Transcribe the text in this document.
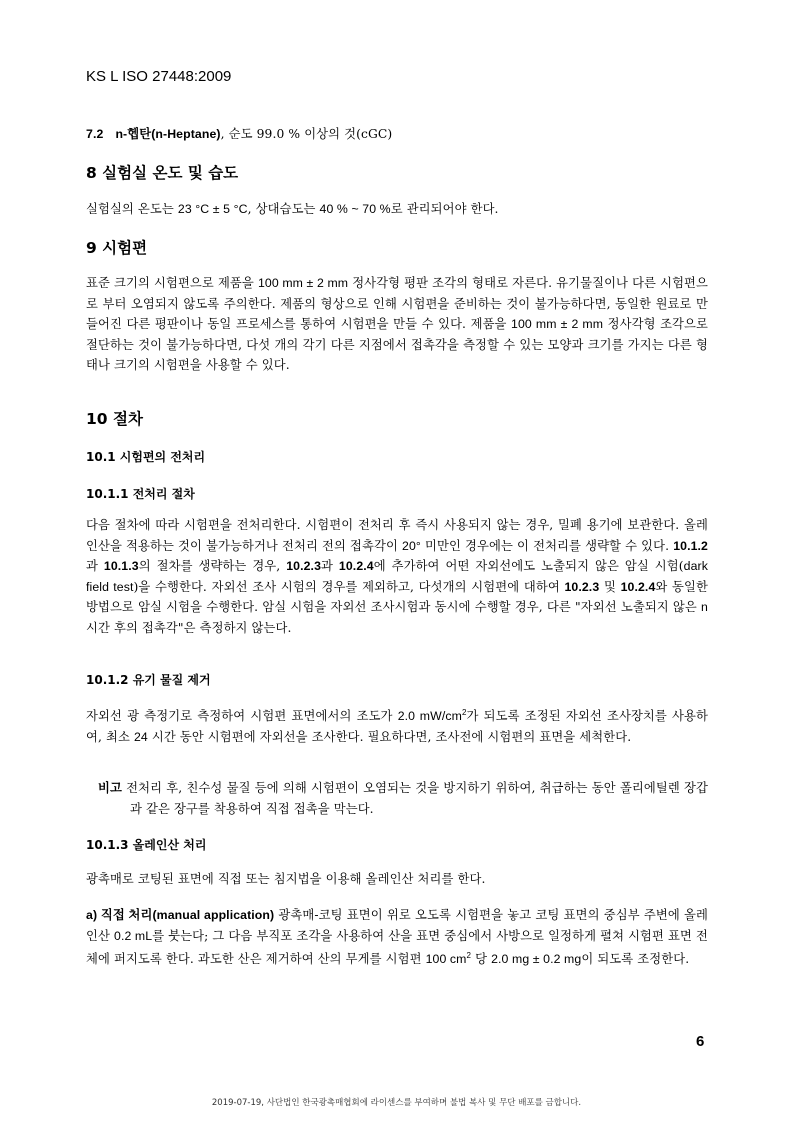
KS L ISO 27448:2009
7.2 n-헵탄(n-Heptane), 순도 99.0 % 이상의 것(cGC)
8 실험실 온도 및 습도
실험실의 온도는 23 °C ± 5 °C, 상대습도는 40 % ~ 70 %로 관리되어야 한다.
9 시험편
표준 크기의 시험편으로 제품을 100 mm ± 2 mm 정사각형 평판 조각의 형태로 자른다. 유기물질이나 다른 시험편으로 부터 오염되지 않도록 주의한다. 제품의 형상으로 인해 시험편을 준비하는 것이 불가능하다면, 동일한 원료로 만들어진 다른 평판이나 동일 프로세스를 통하여 시험편을 만들 수 있다. 제품을 100 mm ± 2 mm 정사각형 조각으로 절단하는 것이 불가능하다면, 다섯 개의 각기 다른 지점에서 접촉각을 측정할 수 있는 모양과 크기를 가지는 다른 형태나 크기의 시험편을 사용할 수 있다.
10 절차
10.1 시험편의 전처리
10.1.1 전처리 절차
다음 절차에 따라 시험편을 전처리한다. 시험편이 전처리 후 즉시 사용되지 않는 경우, 밀폐 용기에 보관한다. 올레인산을 적용하는 것이 불가능하거나 전처리 전의 접촉각이 20° 미만인 경우에는 이 전처리를 생략할 수 있다. 10.1.2과 10.1.3의 절차를 생략하는 경우, 10.2.3과 10.2.4에 추가하여 어떤 자외선에도 노출되지 않은 암실 시험(dark field test)을 수행한다. 자외선 조사 시험의 경우를 제외하고, 다섯개의 시험편에 대하여 10.2.3 및 10.2.4와 동일한 방법으로 암실 시험을 수행한다. 암실 시험을 자외선 조사시험과 동시에 수행할 경우, 다른 "자외선 노출되지 않은 n 시간 후의 접촉각"은 측정하지 않는다.
10.1.2 유기 물질 제거
자외선 광 측정기로 측정하여 시험편 표면에서의 조도가 2.0 $mW/cm^2$가 되도록 조정된 자외선 조사장치를 사용하여, 최소 24 시간 동안 시험편에 자외선을 조사한다. 필요하다면, 조사전에 시험편의 표면을 세척한다.
비고 전처리 후, 친수성 물질 등에 의해 시험편이 오염되는 것을 방지하기 위하여, 취급하는 동안 폴리에틸렌 장갑과 같은 장구를 착용하여 직접 접촉을 막는다.
10.1.3 올레인산 처리
광촉매로 코팅된 표면에 직접 또는 침지법을 이용해 올레인산 처리를 한다.
a) 직접 처리(manual application) 광촉매-코팅 표면이 위로 오도록 시험편을 놓고 코팅 표면의 중심부 주변에 올레인산 0.2 mL를 붓는다; 그 다음 부직포 조각을 사용하여 산을 표면 중심에서 사방으로 일정하게 펼쳐 시험편 표면 전체에 퍼지도록 한다. 과도한 산은 제거하여 산의 무게를 시험편 100 $cm^2$ 당 2.0 mg ± 0.2 mg이 되도록 조정한다.
6
2019-07-19, 사단법인 한국광촉매협회에 라이센스를 부여하며 불법 복사 및 무단 배포를 금합니다.
